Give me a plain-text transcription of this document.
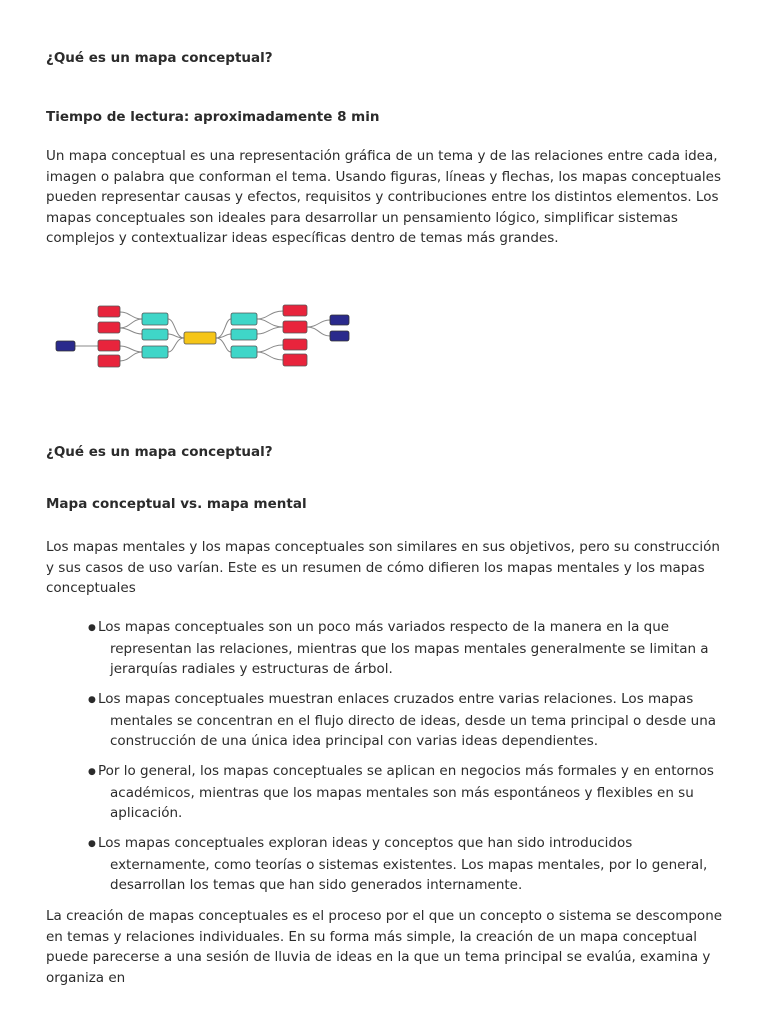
¿Qué es un mapa conceptual?
Tiempo de lectura: aproximadamente 8 min

Un mapa conceptual es una representación gráfica de un tema y de las relaciones entre cada idea, imagen o palabra que conforman el tema. Usando figuras, líneas y flechas, los mapas conceptuales pueden representar causas y efectos, requisitos y contribuciones entre los distintos elementos. Los mapas conceptuales son ideales para desarrollar un pensamiento lógico, simplificar sistemas complejos y contextualizar ideas específicas dentro de temas más grandes.

¿Qué es un mapa conceptual?
Mapa conceptual vs. mapa mental

Los mapas mentales y los mapas conceptuales son similares en sus objetivos, pero su construcción y sus casos de uso varían. Este es un resumen de cómo difieren los mapas mentales y los mapas conceptuales

● Los mapas conceptuales son un poco más variados respecto de la manera en la que representan las relaciones, mientras que los mapas mentales generalmente se limitan a jerarquías radiales y estructuras de árbol.
● Los mapas conceptuales muestran enlaces cruzados entre varias relaciones. Los mapas mentales se concentran en el flujo directo de ideas, desde un tema principal o desde una construcción de una única idea principal con varias ideas dependientes.
● Por lo general, los mapas conceptuales se aplican en negocios más formales y en entornos académicos, mientras que los mapas mentales son más espontáneos y flexibles en su aplicación.
● Los mapas conceptuales exploran ideas y conceptos que han sido introducidos externamente, como teorías o sistemas existentes. Los mapas mentales, por lo general, desarrollan los temas que han sido generados internamente.

La creación de mapas conceptuales es el proceso por el que un concepto o sistema se descompone en temas y relaciones individuales. En su forma más simple, la creación de un mapa conceptual puede parecerse a una sesión de lluvia de ideas en la que un tema principal se evalúa, examina y organiza en
